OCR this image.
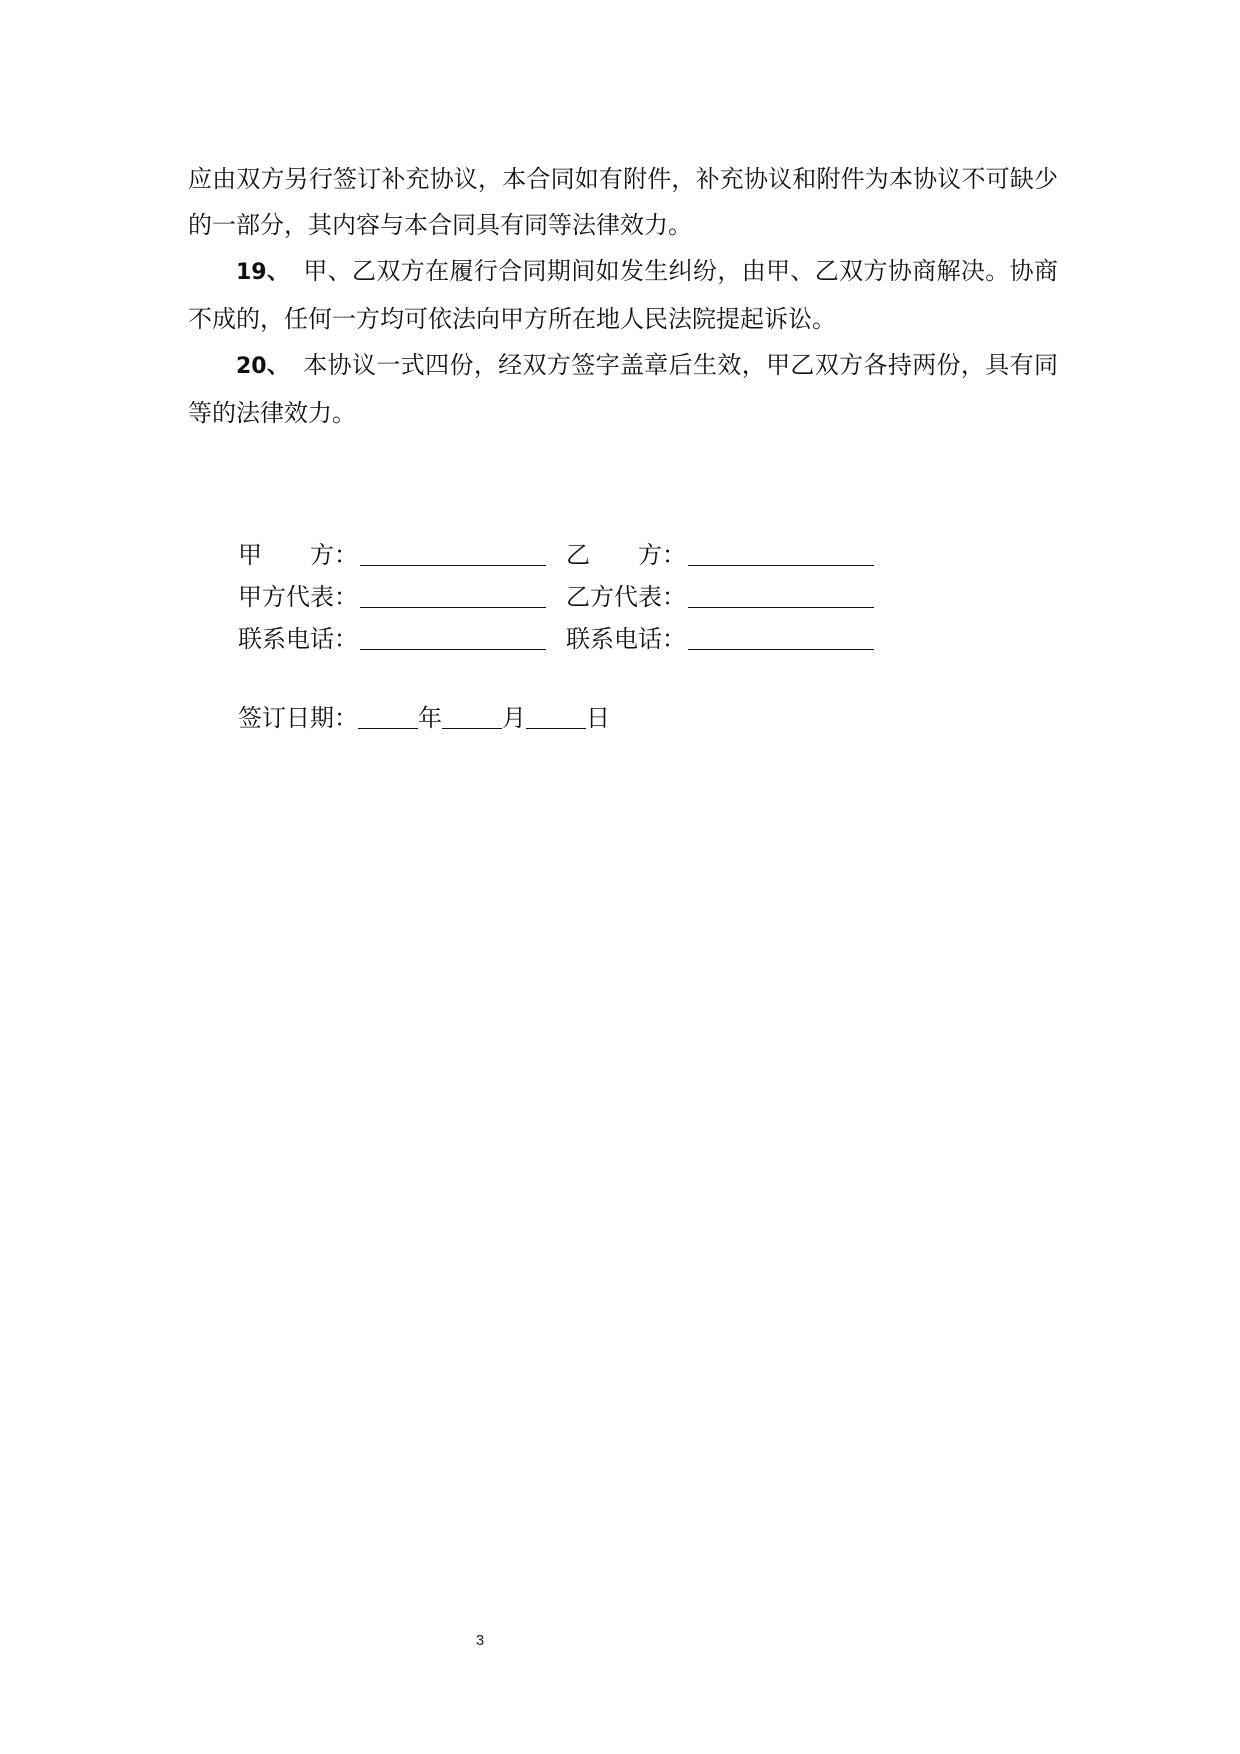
应由双方另行签订补充协议，本合同如有附件，补充协议和附件为本协议不可缺少的一部分，其内容与本合同具有同等法律效力。

19、 甲、乙双方在履行合同期间如发生纠纷，由甲、乙双方协商解决。协商不成的，任何一方均可依法向甲方所在地人民法院提起诉讼。

20、 本协议一式四份，经双方签字盖章后生效，甲乙双方各持两份，具有同等的法律效力。

甲　　方：	乙　　方：
甲方代表：	乙方代表：
联系电话：	联系电话：
签订日期：	年	月	日
3
